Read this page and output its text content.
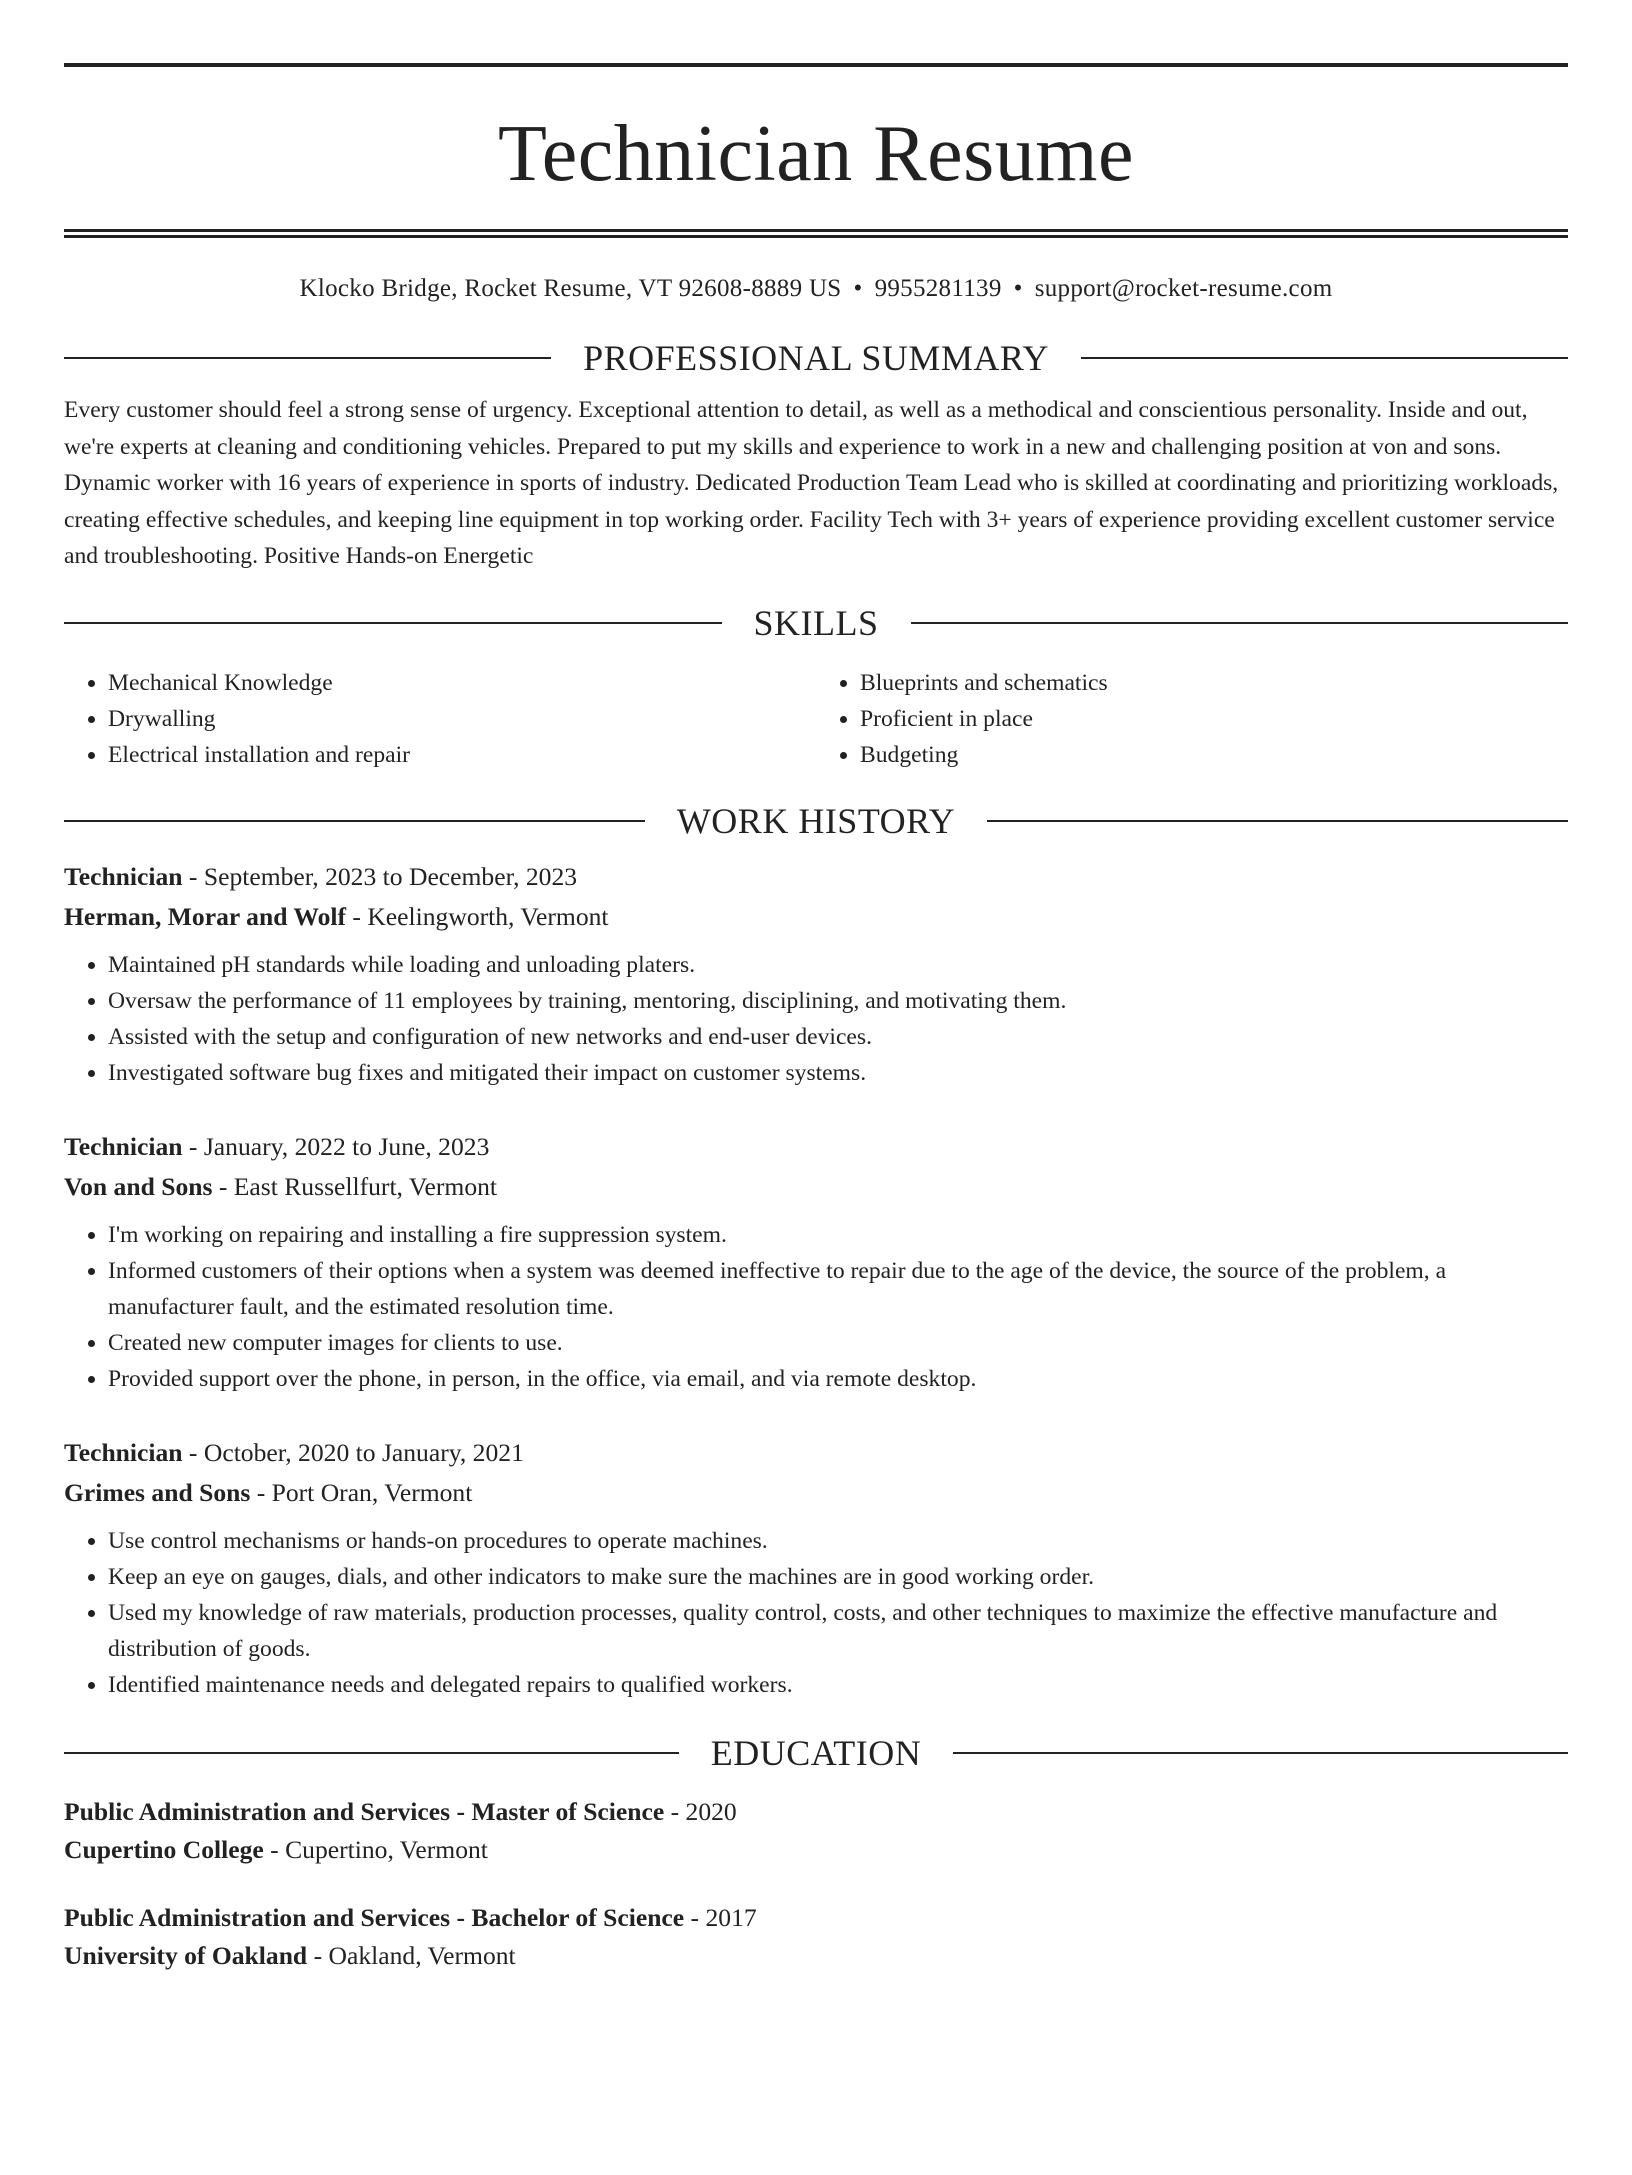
Technician Resume
Klocko Bridge, Rocket Resume, VT 92608-8889 US • 9955281139 • support@rocket-resume.com
PROFESSIONAL SUMMARY
Every customer should feel a strong sense of urgency. Exceptional attention to detail, as well as a methodical and conscientious personality. Inside and out, we're experts at cleaning and conditioning vehicles. Prepared to put my skills and experience to work in a new and challenging position at von and sons. Dynamic worker with 16 years of experience in sports of industry. Dedicated Production Team Lead who is skilled at coordinating and prioritizing workloads, creating effective schedules, and keeping line equipment in top working order. Facility Tech with 3+ years of experience providing excellent customer service and troubleshooting. Positive Hands-on Energetic
SKILLS
• Mechanical Knowledge
• Drywalling
• Electrical installation and repair
• Blueprints and schematics
• Proficient in place
• Budgeting
WORK HISTORY
Technician - September, 2023 to December, 2023
Herman, Morar and Wolf - Keelingworth, Vermont
• Maintained pH standards while loading and unloading platers.
• Oversaw the performance of 11 employees by training, mentoring, disciplining, and motivating them.
• Assisted with the setup and configuration of new networks and end-user devices.
• Investigated software bug fixes and mitigated their impact on customer systems.
Technician - January, 2022 to June, 2023
Von and Sons - East Russellfurt, Vermont
• I'm working on repairing and installing a fire suppression system.
• Informed customers of their options when a system was deemed ineffective to repair due to the age of the device, the source of the problem, a manufacturer fault, and the estimated resolution time.
• Created new computer images for clients to use.
• Provided support over the phone, in person, in the office, via email, and via remote desktop.
Technician - October, 2020 to January, 2021
Grimes and Sons - Port Oran, Vermont
• Use control mechanisms or hands-on procedures to operate machines.
• Keep an eye on gauges, dials, and other indicators to make sure the machines are in good working order.
• Used my knowledge of raw materials, production processes, quality control, costs, and other techniques to maximize the effective manufacture and distribution of goods.
• Identified maintenance needs and delegated repairs to qualified workers.
EDUCATION
Public Administration and Services - Master of Science - 2020
Cupertino College - Cupertino, Vermont
Public Administration and Services - Bachelor of Science - 2017
University of Oakland - Oakland, Vermont
